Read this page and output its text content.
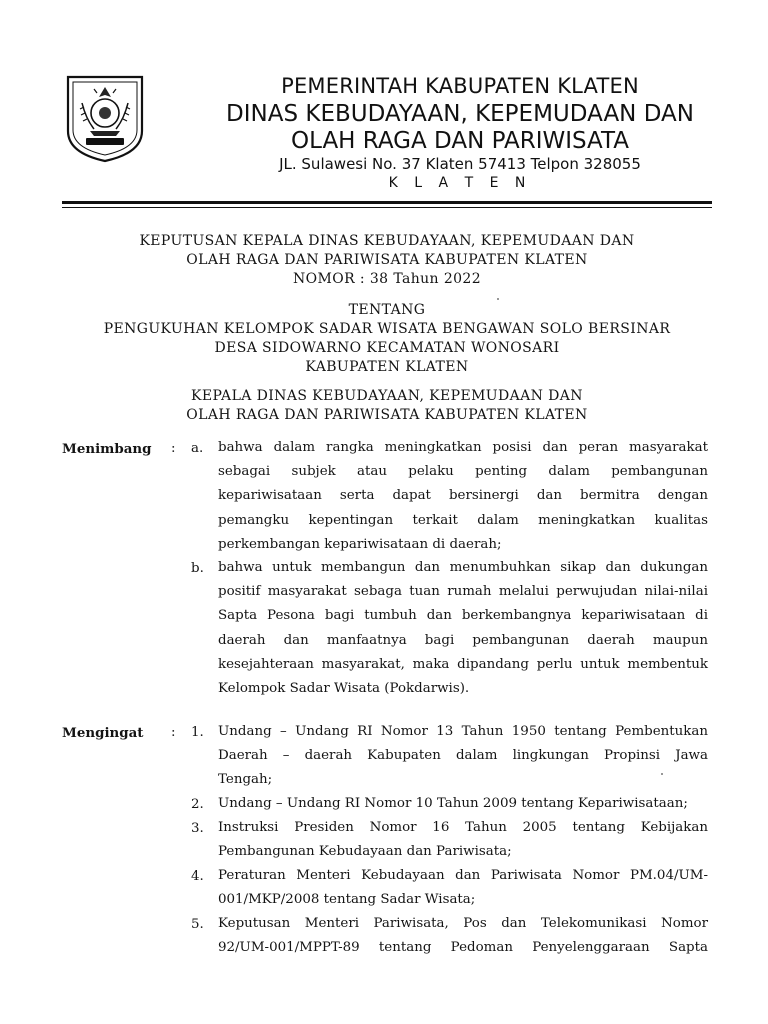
PEMERINTAH KABUPATEN KLATEN
DINAS KEBUDAYAAN, KEPEMUDAAN DAN
OLAH RAGA DAN PARIWISATA
JL. Sulawesi No. 37 Klaten 57413 Telpon 328055
K L A T E N
KEPUTUSAN KEPALA DINAS KEBUDAYAAN, KEPEMUDAAN DAN
OLAH RAGA DAN PARIWISATA KABUPATEN KLATEN
NOMOR : 38 Tahun 2022
TENTANG
PENGUKUHAN KELOMPOK SADAR WISATA BENGAWAN SOLO BERSINAR
DESA SIDOWARNO KECAMATAN WONOSARI
KABUPATEN KLATEN
KEPALA DINAS KEBUDAYAAN, KEPEMUDAAN DAN
OLAH RAGA DAN PARIWISATA KABUPATEN KLATEN
Menimbang : a. bahwa dalam rangka meningkatkan posisi dan peran masyarakat
sebagai subjek atau pelaku penting dalam pembangunan
kepariwisataan serta dapat bersinergi dan bermitra dengan
pemangku kepentingan terkait dalam meningkatkan kualitas
perkembangan kepariwisataan di daerah;
b. bahwa untuk membangun dan menumbuhkan sikap dan dukungan
positif masyarakat sebaga tuan rumah melalui perwujudan nilai-nilai
Sapta Pesona bagi tumbuh dan berkembangnya kepariwisataan di
daerah dan manfaatnya bagi pembangunan daerah maupun
kesejahteraan masyarakat, maka dipandang perlu untuk membentuk
Kelompok Sadar Wisata (Pokdarwis).
Mengingat : 1. Undang – Undang RI Nomor 13 Tahun 1950 tentang Pembentukan
Daerah – daerah Kabupaten dalam lingkungan Propinsi Jawa
Tengah;
2. Undang – Undang RI Nomor 10 Tahun 2009 tentang Kepariwisataan;
3. Instruksi Presiden Nomor 16 Tahun 2005 tentang Kebijakan
Pembangunan Kebudayaan dan Pariwisata;
4. Peraturan Menteri Kebudayaan dan Pariwisata Nomor PM.04/UM-
001/MKP/2008 tentang Sadar Wisata;
5. Keputusan Menteri Pariwisata, Pos dan Telekomunikasi Nomor
92/UM-001/MPPT-89 tentang Pedoman Penyelenggaraan Sapta
